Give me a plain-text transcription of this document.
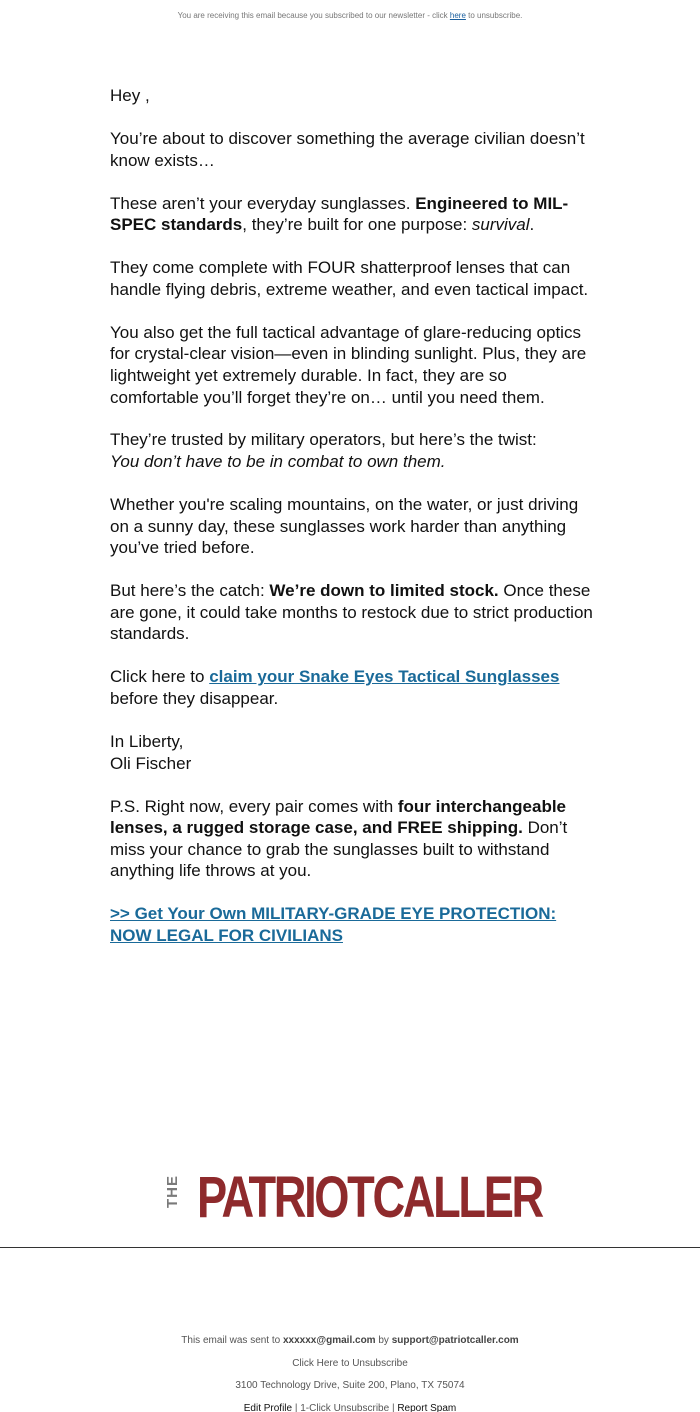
You are receiving this email because you subscribed to our newsletter - click here to unsubscribe.

Hey ,

You’re about to discover something the average civilian doesn’t know exists…

These aren’t your everyday sunglasses. Engineered to MIL-SPEC standards, they’re built for one purpose: survival.

They come complete with FOUR shatterproof lenses that can handle flying debris, extreme weather, and even tactical impact.

You also get the full tactical advantage of glare-reducing optics for crystal-clear vision—even in blinding sunlight. Plus, they are lightweight yet extremely durable. In fact, they are so comfortable you’ll forget they’re on… until you need them.

They’re trusted by military operators, but here’s the twist:
You don’t have to be in combat to own them.

Whether you're scaling mountains, on the water, or just driving on a sunny day, these sunglasses work harder than anything you’ve tried before.

But here’s the catch: We’re down to limited stock. Once these are gone, it could take months to restock due to strict production standards.

Click here to claim your Snake Eyes Tactical Sunglasses
before they disappear.

In Liberty,
Oli Fischer

P.S. Right now, every pair comes with four interchangeable lenses, a rugged storage case, and FREE shipping. Don’t miss your chance to grab the sunglasses built to withstand anything life throws at you.

>> Get Your Own MILITARY-GRADE EYE PROTECTION: NOW LEGAL FOR CIVILIANS

THE PATRIOTCALLER
This email was sent to xxxxxx@gmail.com by support@patriotcaller.com
Click Here to Unsubscribe
3100 Technology Drive, Suite 200, Plano, TX 75074
Edit Profile | 1-Click Unsubscribe | Report Spam
